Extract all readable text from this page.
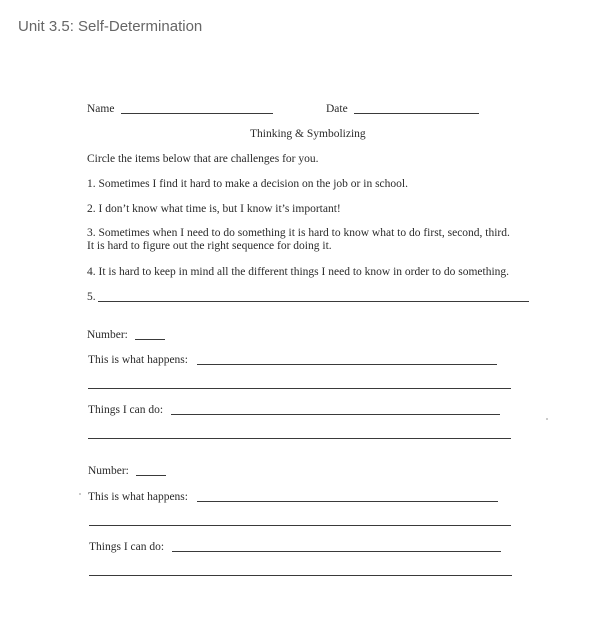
Unit 3.5: Self-Determination
Name	Date
Thinking & Symbolizing
Circle the items below that are challenges for you.
1. Sometimes I find it hard to make a decision on the job or in school.
2. I don’t know what time is, but I know it’s important!
3. Sometimes when I need to do something it is hard to know what to do first, second, third.
It is hard to figure out the right sequence for doing it.
4. It is hard to keep in mind all the different things I need to know in order to do something.
5.
Number:
This is what happens:
Things I can do:
Number:
This is what happens:
Things I can do:
